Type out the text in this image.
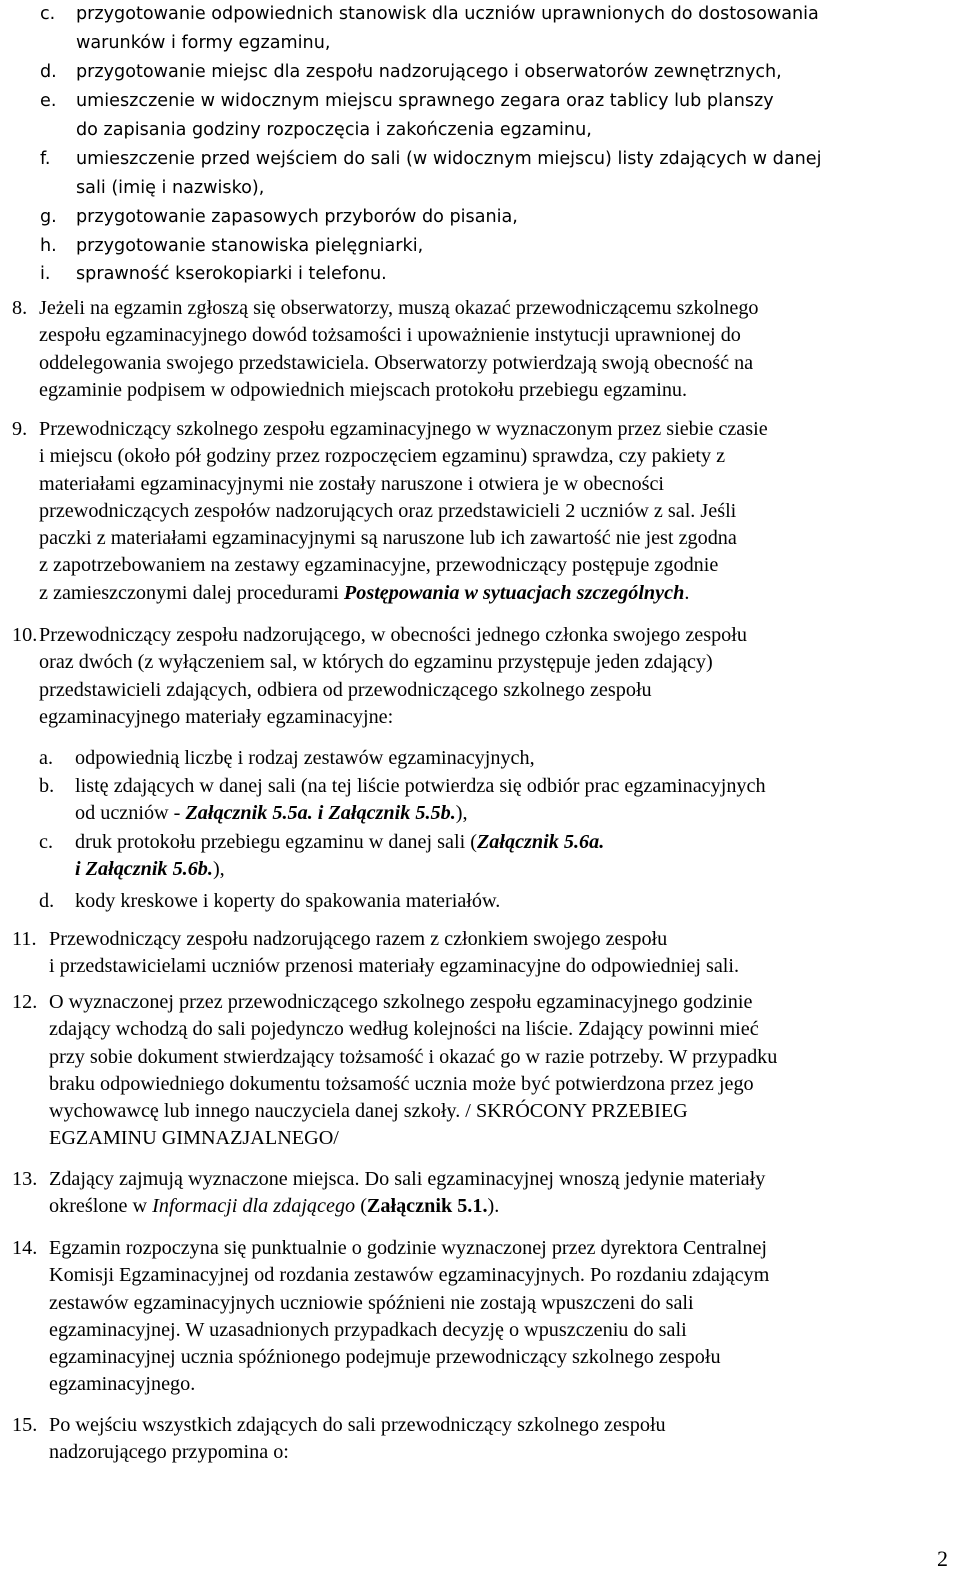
c.	przygotowanie odpowiednich stanowisk dla uczniów uprawnionych do dostosowania
warunków i formy egzaminu,
d.	przygotowanie miejsc dla zespołu nadzorującego i obserwatorów zewnętrznych,
e.	umieszczenie w widocznym miejscu sprawnego zegara oraz tablicy lub planszy
do zapisania godziny rozpoczęcia i zakończenia egzaminu,
f.	umieszczenie przed wejściem do sali (w widocznym miejscu) listy zdających w danej
sali (imię i nazwisko),
g.	przygotowanie zapasowych przyborów do pisania,
h.	przygotowanie stanowiska pielęgniarki,
i.	sprawność kserokopiarki i telefonu.
8. Jeżeli na egzamin zgłoszą się obserwatorzy, muszą okazać przewodniczącemu szkolnego
zespołu egzaminacyjnego dowód tożsamości i upoważnienie instytucji uprawnionej do
oddelegowania swojego przedstawiciela. Obserwatorzy potwierdzają swoją obecność na
egzaminie podpisem w odpowiednich miejscach protokołu przebiegu egzaminu.
9. Przewodniczący szkolnego zespołu egzaminacyjnego w wyznaczonym przez siebie czasie
i miejscu (około pół godziny przez rozpoczęciem egzaminu) sprawdza, czy pakiety z
materiałami egzaminacyjnymi nie zostały naruszone i otwiera je w obecności
przewodniczących zespołów nadzorujących oraz przedstawicieli 2 uczniów z sal. Jeśli
paczki z materiałami egzaminacyjnymi są naruszone lub ich zawartość nie jest zgodna
z zapotrzebowaniem na zestawy egzaminacyjne, przewodniczący postępuje zgodnie
z zamieszczonymi dalej procedurami Postępowania w sytuacjach szczególnych.
10. Przewodniczący zespołu nadzorującego, w obecności jednego członka swojego zespołu
oraz dwóch (z wyłączeniem sal, w których do egzaminu przystępuje jeden zdający)
przedstawicieli zdających, odbiera od przewodniczącego szkolnego zespołu
egzaminacyjnego materiały egzaminacyjne:
a.	odpowiednią liczbę i rodzaj zestawów egzaminacyjnych,
b.	listę zdających w danej sali (na tej liście potwierdza się odbiór prac egzaminacyjnych
od uczniów - Załącznik 5.5a. i Załącznik 5.5b.),
c.	druk protokołu przebiegu egzaminu w danej sali (Załącznik 5.6a.
i Załącznik 5.6b.),
d.	kody kreskowe i koperty do spakowania materiałów.
11. Przewodniczący zespołu nadzorującego razem z członkiem swojego zespołu
i przedstawicielami uczniów przenosi materiały egzaminacyjne do odpowiedniej sali.
12. O wyznaczonej przez przewodniczącego szkolnego zespołu egzaminacyjnego godzinie
zdający wchodzą do sali pojedynczo według kolejności na liście. Zdający powinni mieć
przy sobie dokument stwierdzający tożsamość i okazać go w razie potrzeby. W przypadku
braku odpowiedniego dokumentu tożsamość ucznia może być potwierdzona przez jego
wychowawcę lub innego nauczyciela danej szkoły. / SKRÓCONY PRZEBIEG
EGZAMINU GIMNAZJALNEGO/
13. Zdający zajmują wyznaczone miejsca. Do sali egzaminacyjnej wnoszą jedynie materiały
określone w Informacji dla zdającego (Załącznik 5.1.).
14. Egzamin rozpoczyna się punktualnie o godzinie wyznaczonej przez dyrektora Centralnej
Komisji Egzaminacyjnej od rozdania zestawów egzaminacyjnych. Po rozdaniu zdającym
zestawów egzaminacyjnych uczniowie spóźnieni nie zostają wpuszczeni do sali
egzaminacyjnej. W uzasadnionych przypadkach decyzję o wpuszczeniu do sali
egzaminacyjnej ucznia spóźnionego podejmuje przewodniczący szkolnego zespołu
egzaminacyjnego.
15. Po wejściu wszystkich zdających do sali przewodniczący szkolnego zespołu
nadzorującego przypomina o:
2
